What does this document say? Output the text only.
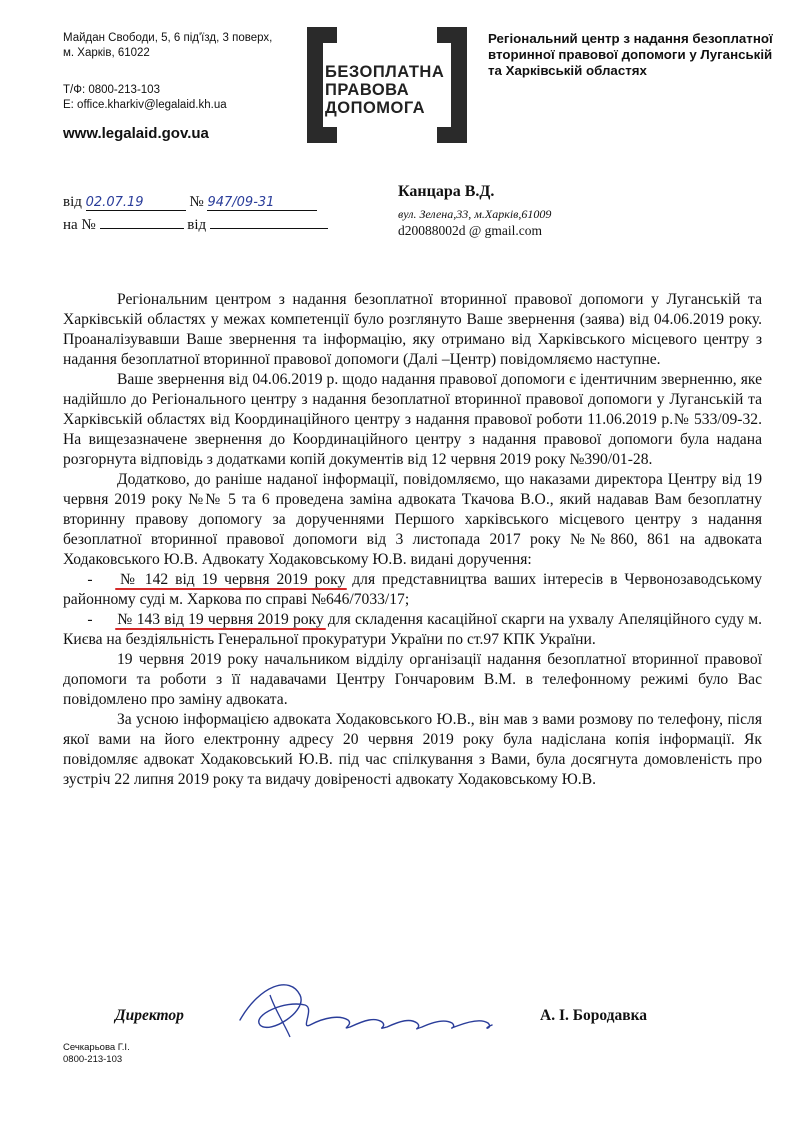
Майдан Свободи, 5, 6 під'їзд, 3 поверх,
м. Харків, 61022
Т/Ф: 0800-213-103
E: office.kharkiv@legalaid.kh.ua
www.legalaid.gov.ua
БЕЗОПЛАТНА
ПРАВОВА
ДОПОМОГА
Регіональний центр з надання безоплатної вторинної правової допомоги у Луганській та Харківській областях
від 02.07.19	№ 947/09-31
на №	від
Канцара В.Д.
вул. Зелена,33, м.Харків,61009
d20088002d @ gmail.com

Регіональним центром з надання безоплатної вторинної правової допомоги у Луганській та Харківській областях у межах компетенції було розглянуто Ваше звернення (заява) від 04.06.2019 року. Проаналізувавши Ваше звернення та інформацію, яку отримано від Харківського місцевого центру з надання безоплатної вторинної правової допомоги (Далі –Центр) повідомляємо наступне.

Ваше звернення від 04.06.2019 р. щодо надання правової допомоги є ідентичним зверненню, яке надійшло до Регіонального центру з надання безоплатної вторинної правової допомоги у Луганській та Харківській областях від Координаційного центру з надання правової роботи 11.06.2019 р.№ 533/09-32. На вищезазначене звернення до Координаційного центру з надання правової допомоги була надана розгорнута відповідь з додатками копій документів від 12 червня 2019 року №390/01-28.

Додатково, до раніше наданої інформації, повідомляємо, що наказами директора Центру від 19 червня 2019 року №№ 5 та 6 проведена заміна адвоката Ткачова В.О., який надавав Вам безоплатну вторинну правову допомогу за дорученнями Першого харківського місцевого центру з надання безоплатної вторинної правової допомоги від 3 листопада 2017 року №№860, 861 на адвоката Ходаковського Ю.В. Адвокату Ходаковському Ю.В. видані доручення:

- № 142 від 19 червня 2019 року
для представництва ваших інтересів в Червонозаводському районному суді м. Харкова по справі №646/7033/17;

- № 143 від 19 червня 2019 року
для складення касаційної скарги на ухвалу Апеляційного суду м. Києва на бездіяльність Генеральної прокуратури України по ст.97 КПК України.

19 червня 2019 року начальником відділу організації надання безоплатної вторинної правової допомоги та роботи з її надавачами Центру Гончаровим В.М. в телефонному режимі було Вас повідомлено про заміну адвоката.

За усною інформацією адвоката Ходаковського Ю.В., він мав з вами розмову по телефону, після якої вами на його електронну адресу 20 червня 2019 року була надіслана копія інформації. Як повідомляє адвокат Ходаковський Ю.В. під час спілкування з Вами, була досягнута домовленість про зустріч 22 липня 2019 року та видачу довіреності адвокату Ходаковському Ю.В.

Директор	А. І. Бородавка
Сечкарьова Г.І.
0800-213-103
